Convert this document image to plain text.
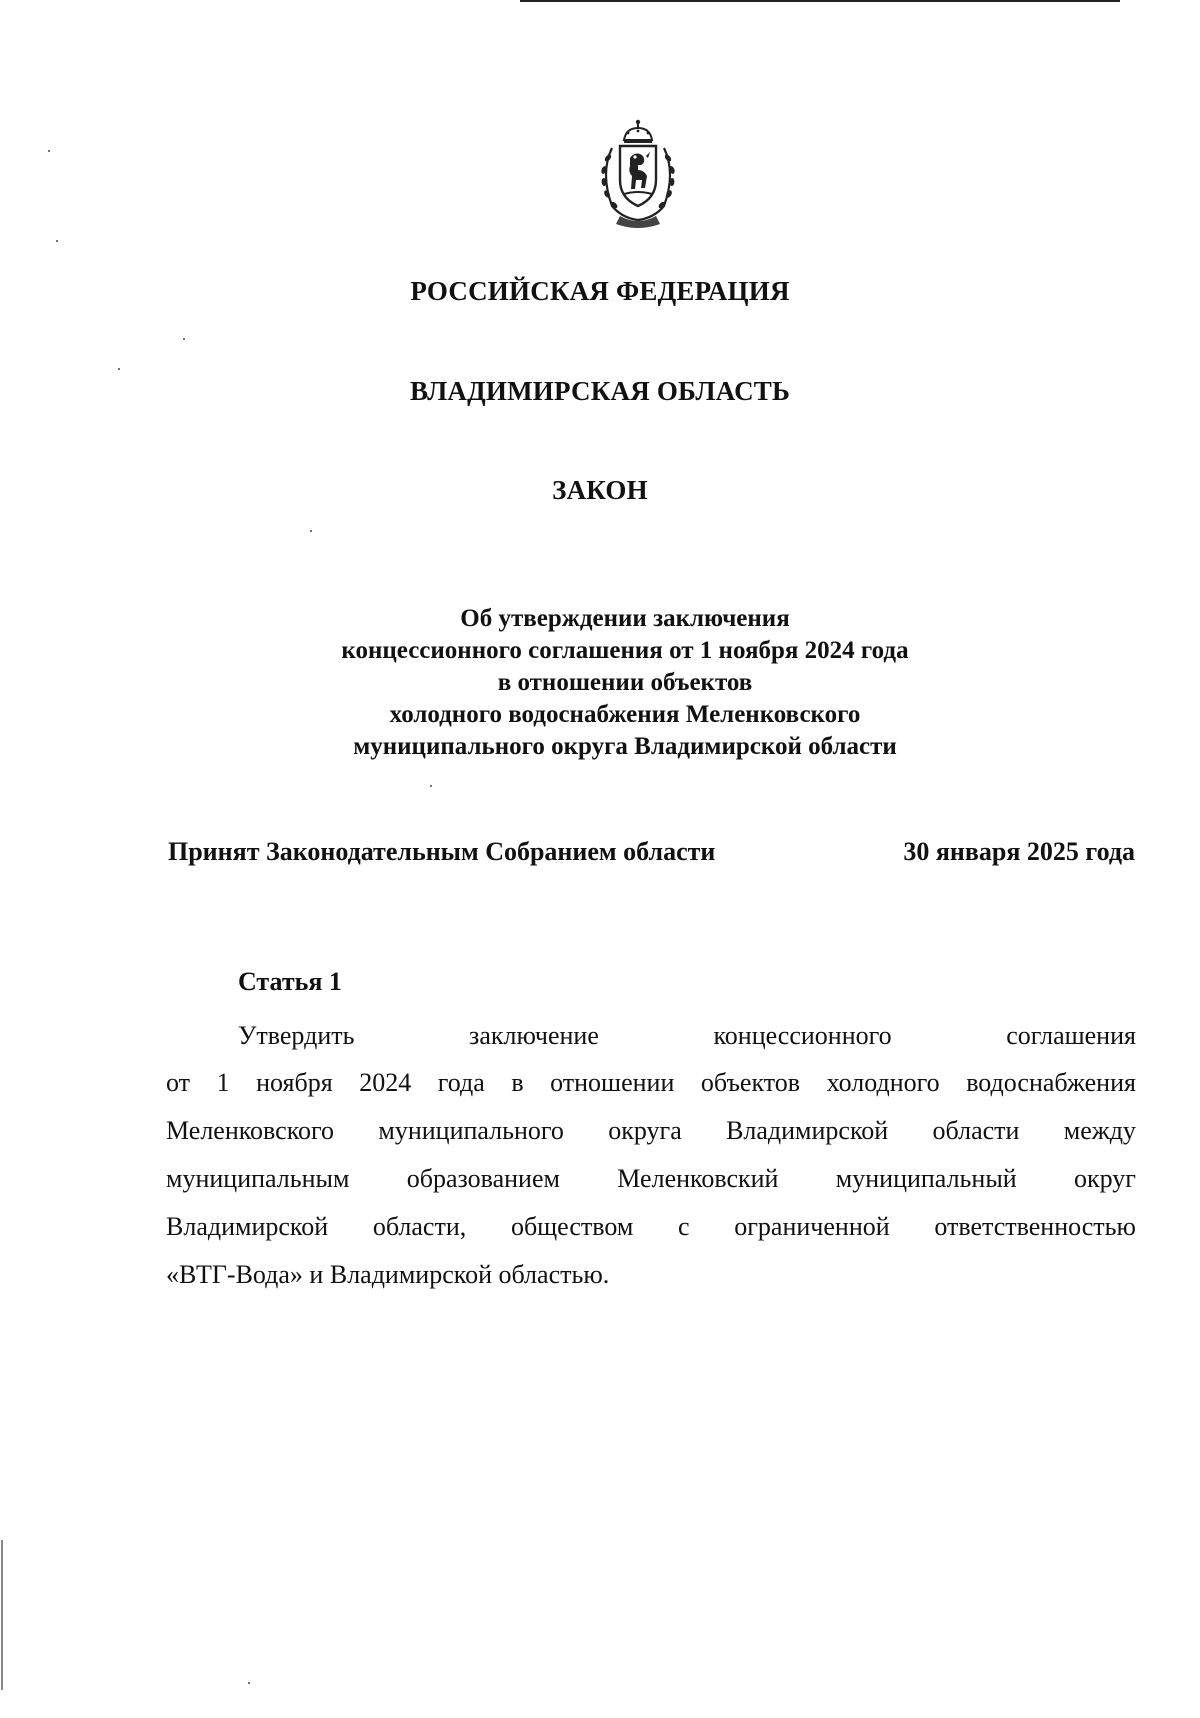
РОССИЙСКАЯ ФЕДЕРАЦИЯ
ВЛАДИМИРСКАЯ ОБЛАСТЬ
ЗАКОН
Об утверждении заключения
концессионного соглашения от 1 ноября 2024 года
в отношении объектов
холодного водоснабжения Меленковского
муниципального округа Владимирской области
Принят Законодательным Собранием области	30 января 2025 года
Статья 1
Утвердить	заключение	концессионного	соглашения
от 1 ноября 2024 года в отношении объектов холодного водоснабжения
Меленковского муниципального округа Владимирской области между
муниципальным образованием Меленковский муниципальный округ
Владимирской области, обществом с ограниченной ответственностью
«ВТГ-Вода» и Владимирской областью.
